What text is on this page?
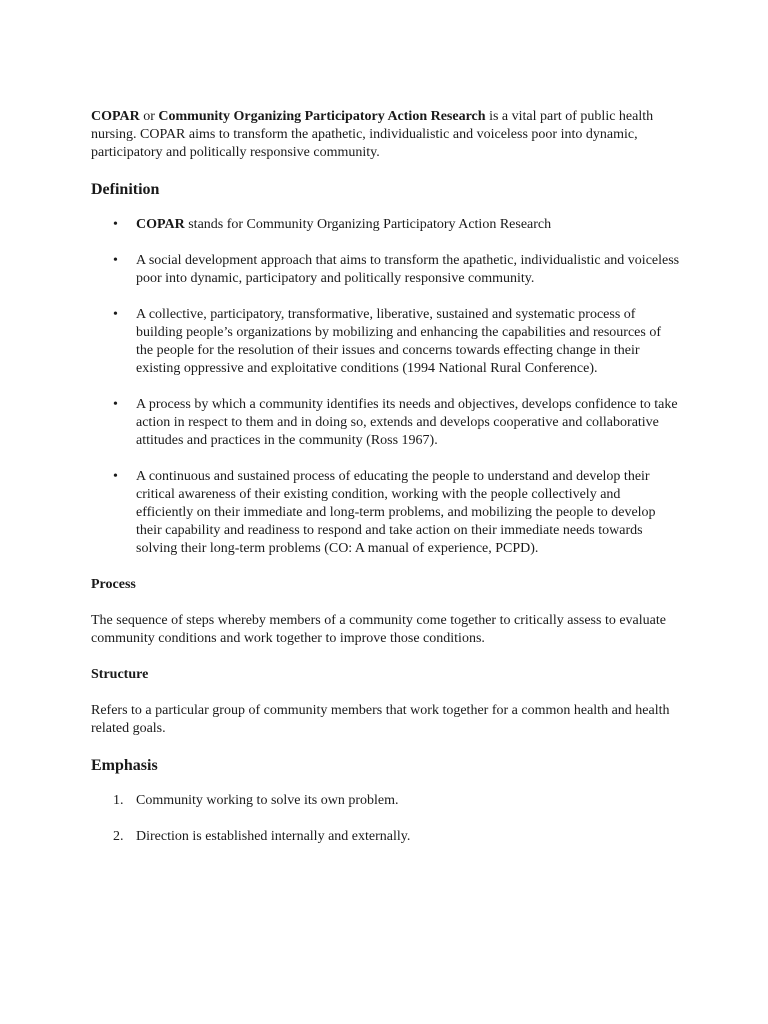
COPAR or Community Organizing Participatory Action Research is a vital part of public health nursing. COPAR aims to transform the apathetic, individualistic and voiceless poor into dynamic, participatory and politically responsive community.

Definition
• COPAR stands for Community Organizing Participatory Action Research
• A social development approach that aims to transform the apathetic, individualistic and voiceless poor into dynamic, participatory and politically responsive community.
• A collective, participatory, transformative, liberative, sustained and systematic process of building people’s organizations by mobilizing and enhancing the capabilities and resources of the people for the resolution of their issues and concerns towards effecting change in their existing oppressive and exploitative conditions (1994 National Rural Conference).
• A process by which a community identifies its needs and objectives, develops confidence to take action in respect to them and in doing so, extends and develops cooperative and collaborative attitudes and practices in the community (Ross 1967).
• A continuous and sustained process of educating the people to understand and develop their critical awareness of their existing condition, working with the people collectively and efficiently on their immediate and long-term problems, and mobilizing the people to develop their capability and readiness to respond and take action on their immediate needs towards solving their long-term problems (CO: A manual of experience, PCPD).
Process

The sequence of steps whereby members of a community come together to critically assess to evaluate community conditions and work together to improve those conditions.

Structure

Refers to a particular group of community members that work together for a common health and health related goals.

Emphasis
1. Community working to solve its own problem.
2. Direction is established internally and externally.
